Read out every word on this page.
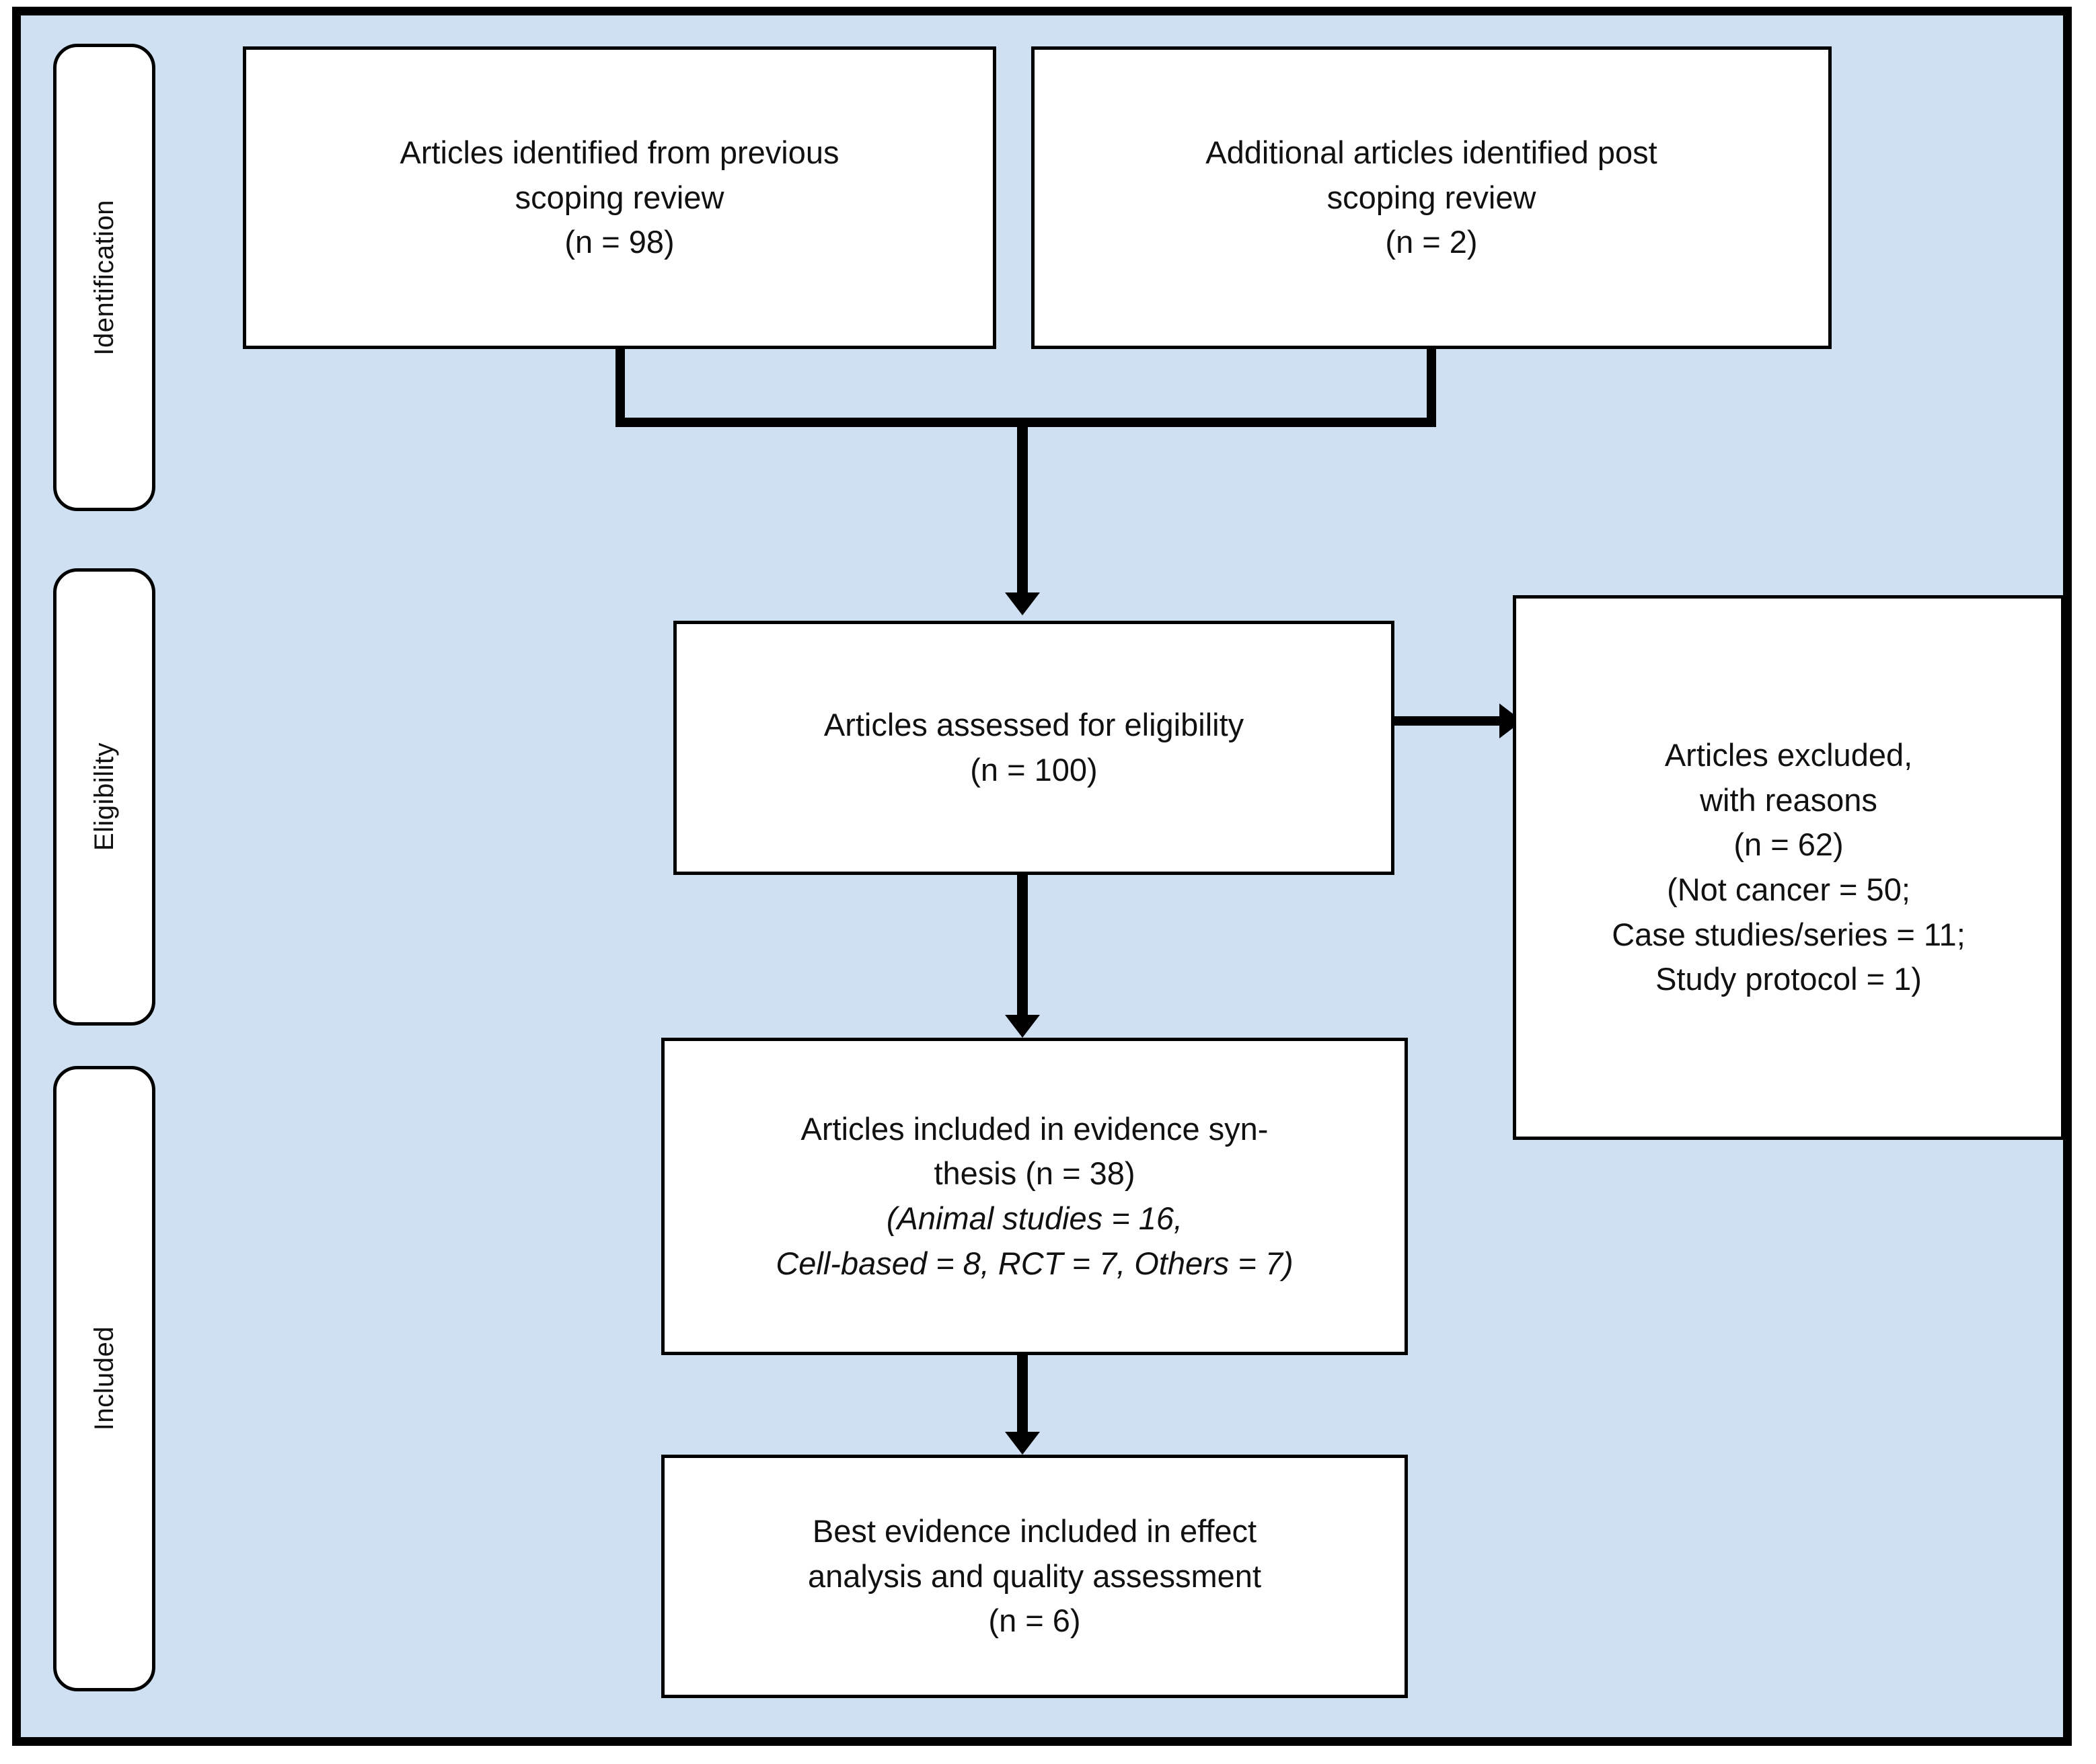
Identification
Eligibility
Included
Articles identified from previous
scoping review
(n = 98)
Additional articles identified post
scoping review
(n = 2)
Articles assessed for eligibility
(n = 100)	Articles excluded,
with reasons
(n = 62)
(Not cancer = 50;
Case studies/series = 11;
Study protocol = 1)
Articles included in evidence syn-
thesis (n = 38)
(Animal studies = 16,
Cell-based = 8, RCT = 7, Others = 7)
Best evidence included in effect
analysis and quality assessment
(n = 6)
